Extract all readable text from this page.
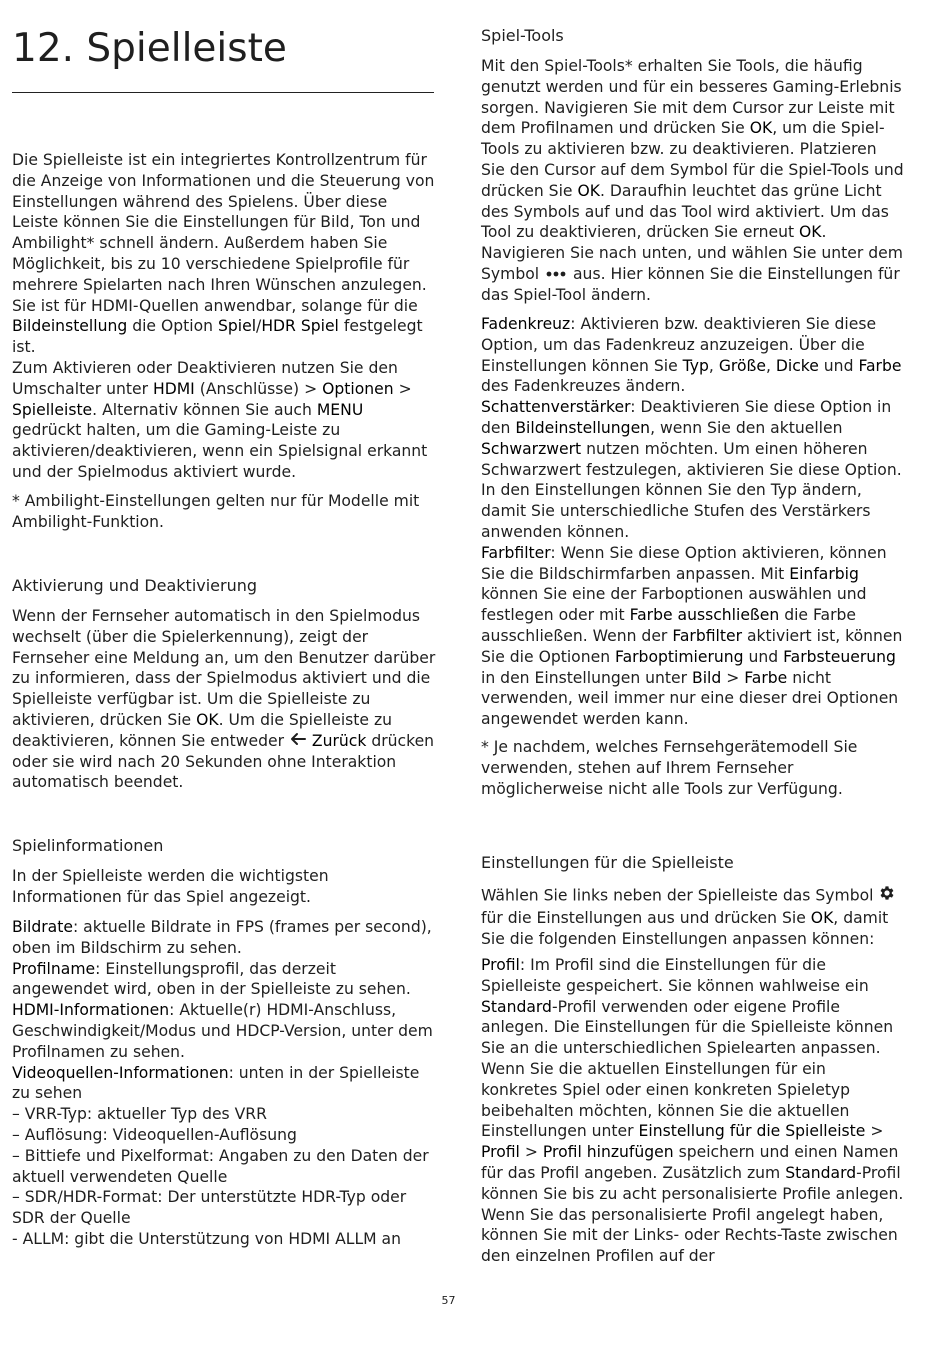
12. Spielleiste

Die Spielleiste ist ein integriertes Kontrollzentrum für die Anzeige von Informationen und die Steuerung von Einstellungen während des Spielens. Über diese Leiste können Sie die Einstellungen für Bild, Ton und Ambilight* schnell ändern. Außerdem haben Sie Möglichkeit, bis zu 10 verschiedene Spielprofile für mehrere Spielarten nach Ihren Wünschen anzulegen. Sie ist für HDMI-Quellen anwendbar, solange für die Bildeinstellung die Option Spiel/HDR Spiel festgelegt ist.
Zum Aktivieren oder Deaktivieren nutzen Sie den Umschalter unter HDMI (Anschlüsse) > Optionen > Spielleiste. Alternativ können Sie auch MENU gedrückt halten, um die Gaming-Leiste zu aktivieren/deaktivieren, wenn ein Spielsignal erkannt und der Spielmodus aktiviert wurde.

* Ambilight-Einstellungen gelten nur für Modelle mit Ambilight-Funktion.

Aktivierung und Deaktivierung

Wenn der Fernseher automatisch in den Spielmodus wechselt (über die Spielerkennung), zeigt der Fernseher eine Meldung an, um den Benutzer darüber zu informieren, dass der Spielmodus aktiviert und die Spielleiste verfügbar ist. Um die Spielleiste zu aktivieren, drücken Sie OK. Um die Spielleiste zu deaktivieren, können Sie entweder  Zurück drücken oder sie wird nach 20 Sekunden ohne Interaktion automatisch beendet.

Spielinformationen

In der Spielleiste werden die wichtigsten Informationen für das Spiel angezeigt.

Bildrate: aktuelle Bildrate in FPS (frames per second), oben im Bildschirm zu sehen.
Profilname: Einstellungsprofil, das derzeit angewendet wird, oben in der Spielleiste zu sehen.
HDMI-Informationen: Aktuelle(r) HDMI-Anschluss, Geschwindigkeit/Modus und HDCP-Version, unter dem Profilnamen zu sehen.
Videoquellen-Informationen: unten in der Spielleiste zu sehen
– VRR-Typ: aktueller Typ des VRR
– Auflösung: Videoquellen-Auflösung
– Bittiefe und Pixelformat: Angaben zu den Daten der aktuell verwendeten Quelle
– SDR/HDR-Format: Der unterstützte HDR-Typ oder SDR der Quelle
- ALLM: gibt die Unterstützung von HDMI ALLM an

Spiel-Tools

Mit den Spiel-Tools* erhalten Sie Tools, die häufig genutzt werden und für ein besseres Gaming-Erlebnis sorgen. Navigieren Sie mit dem Cursor zur Leiste mit dem Profilnamen und drücken Sie OK, um die Spiel-Tools zu aktivieren bzw. zu deaktivieren. Platzieren Sie den Cursor auf dem Symbol für die Spiel-Tools und drücken Sie OK. Daraufhin leuchtet das grüne Licht des Symbols auf und das Tool wird aktiviert. Um das Tool zu deaktivieren, drücken Sie erneut OK. Navigieren Sie nach unten, und wählen Sie unter dem Symbol  aus. Hier können Sie die Einstellungen für das Spiel-Tool ändern.

Fadenkreuz: Aktivieren bzw. deaktivieren Sie diese Option, um das Fadenkreuz anzuzeigen. Über die Einstellungen können Sie Typ, Größe, Dicke und Farbe des Fadenkreuzes ändern.
Schattenverstärker: Deaktivieren Sie diese Option in den Bildeinstellungen, wenn Sie den aktuellen Schwarzwert nutzen möchten. Um einen höheren Schwarzwert festzulegen, aktivieren Sie diese Option. In den Einstellungen können Sie den Typ ändern, damit Sie unterschiedliche Stufen des Verstärkers anwenden können.
Farbfilter: Wenn Sie diese Option aktivieren, können Sie die Bildschirmfarben anpassen. Mit Einfarbig können Sie eine der Farboptionen auswählen und festlegen oder mit Farbe ausschließen die Farbe ausschließen. Wenn der Farbfilter aktiviert ist, können Sie die Optionen Farboptimierung und Farbsteuerung in den Einstellungen unter Bild > Farbe nicht verwenden, weil immer nur eine dieser drei Optionen angewendet werden kann.

* Je nachdem, welches Fernsehgerätemodell Sie verwenden, stehen auf Ihrem Fernseher möglicherweise nicht alle Tools zur Verfügung.

Einstellungen für die Spielleiste

Wählen Sie links neben der Spielleiste das Symbol  für die Einstellungen aus und drücken Sie OK, damit Sie die folgenden Einstellungen anpassen können:

Profil: Im Profil sind die Einstellungen für die Spielleiste gespeichert. Sie können wahlweise ein Standard-Profil verwenden oder eigene Profile anlegen. Die Einstellungen für die Spielleiste können Sie an die unterschiedlichen Spielearten anpassen. Wenn Sie die aktuellen Einstellungen für ein konkretes Spiel oder einen konkreten Spieletyp beibehalten möchten, können Sie die aktuellen Einstellungen unter Einstellung für die Spielleiste > Profil > Profil hinzufügen speichern und einen Namen für das Profil angeben. Zusätzlich zum Standard-Profil können Sie bis zu acht personalisierte Profile anlegen. Wenn Sie das personalisierte Profil angelegt haben, können Sie mit der Links- oder Rechts-Taste zwischen den einzelnen Profilen auf der

57
